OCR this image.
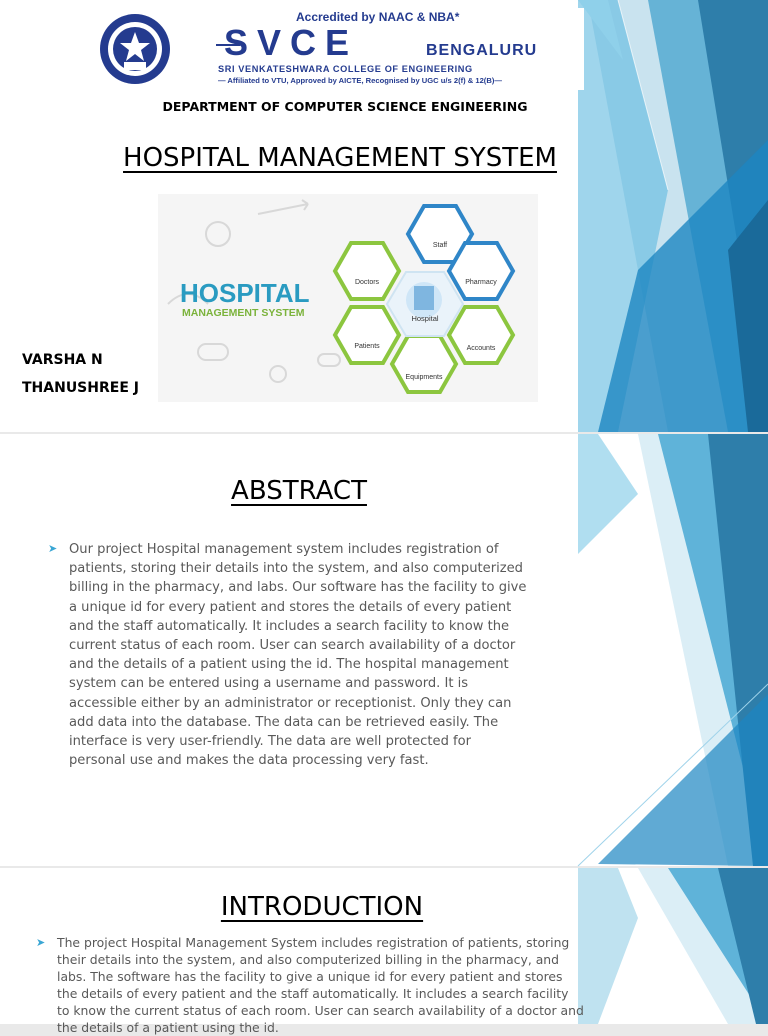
Accredited by NAAC & NBA*
SVCE	BENGALURU
SRI VENKATESHWARA COLLEGE OF ENGINEERING
— Affiliated to VTU, Approved by AICTE, Recognised by UGC u/s 2(f) & 12(B)—
DEPARTMENT OF COMPUTER SCIENCE ENGINEERING
HOSPITAL MANAGEMENT SYSTEM
HOSPITAL
MANAGEMENT SYSTEM
Staff
Pharmacy
Accounts
Equipments
Patients
Doctors
Hospital
VARSHA N
THANUSHREE J
ABSTRACT
➤ Our project Hospital management system includes registration of
patients, storing their details into the system, and also computerized
billing in the pharmacy, and labs. Our software has the facility to give
a unique id for every patient and stores the details of every patient
and the staff automatically. It includes a search facility to know the
current status of each room. User can search availability of a doctor
and the details of a patient using the id. The hospital management
system can be entered using a username and password. It is
accessible either by an administrator or receptionist. Only they can
add data into the database. The data can be retrieved easily. The
interface is very user-friendly. The data are well protected for
personal use and makes the data processing very fast.
INTRODUCTION
➤ The project Hospital Management System includes registration of patients, storing
their details into the system, and also computerized billing in the pharmacy, and
labs. The software has the facility to give a unique id for every patient and stores
the details of every patient and the staff automatically. It includes a search facility
to know the current status of each room. User can search availability of a doctor and
the details of a patient using the id.
